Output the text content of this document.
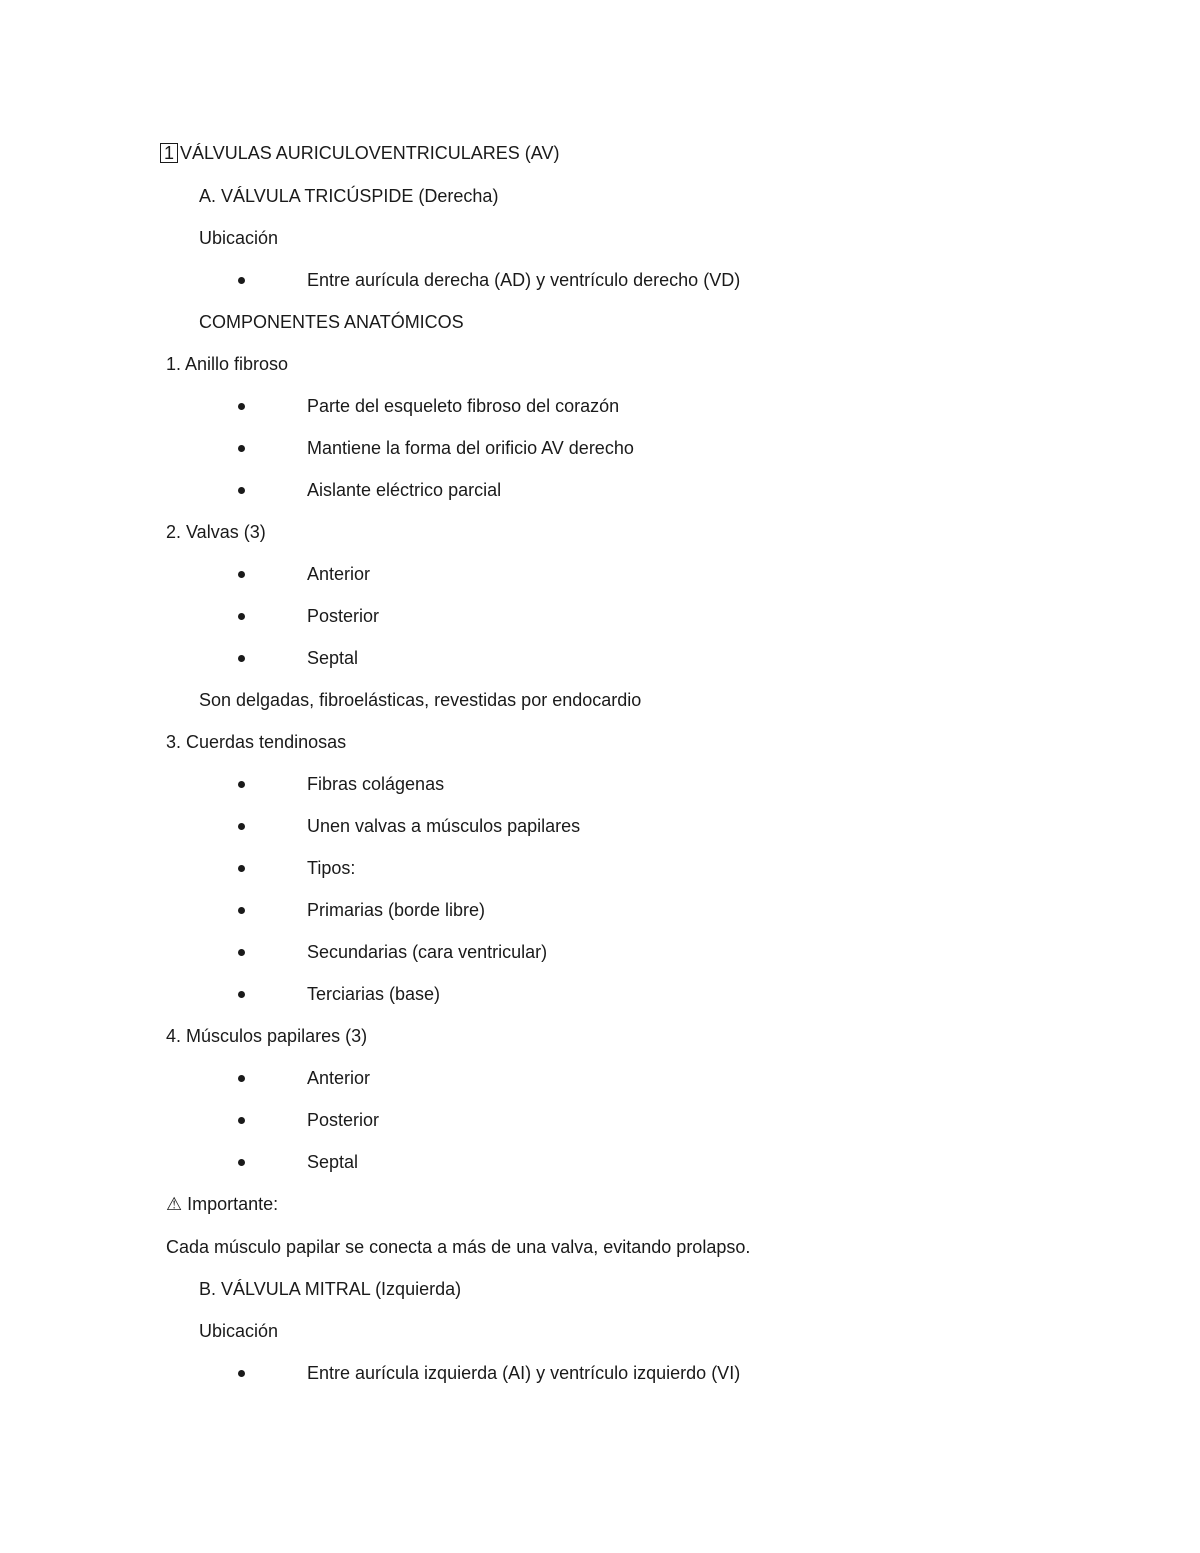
1 VÁLVULAS AURICULOVENTRICULARES (AV)
A. VÁLVULA TRICÚSPIDE (Derecha)
Ubicación
Entre aurícula derecha (AD) y ventrículo derecho (VD)
COMPONENTES ANATÓMICOS
1. Anillo fibroso
Parte del esqueleto fibroso del corazón
Mantiene la forma del orificio AV derecho
Aislante eléctrico parcial
2. Valvas (3)
Anterior
Posterior
Septal
Son delgadas, fibroelásticas, revestidas por endocardio
3. Cuerdas tendinosas
Fibras colágenas
Unen valvas a músculos papilares
Tipos:
Primarias (borde libre)
Secundarias (cara ventricular)
Terciarias (base)
4. Músculos papilares (3)
Anterior
Posterior
Septal
⚠ Importante:
Cada músculo papilar se conecta a más de una valva, evitando prolapso.
B. VÁLVULA MITRAL (Izquierda)
Ubicación
Entre aurícula izquierda (AI) y ventrículo izquierdo (VI)
